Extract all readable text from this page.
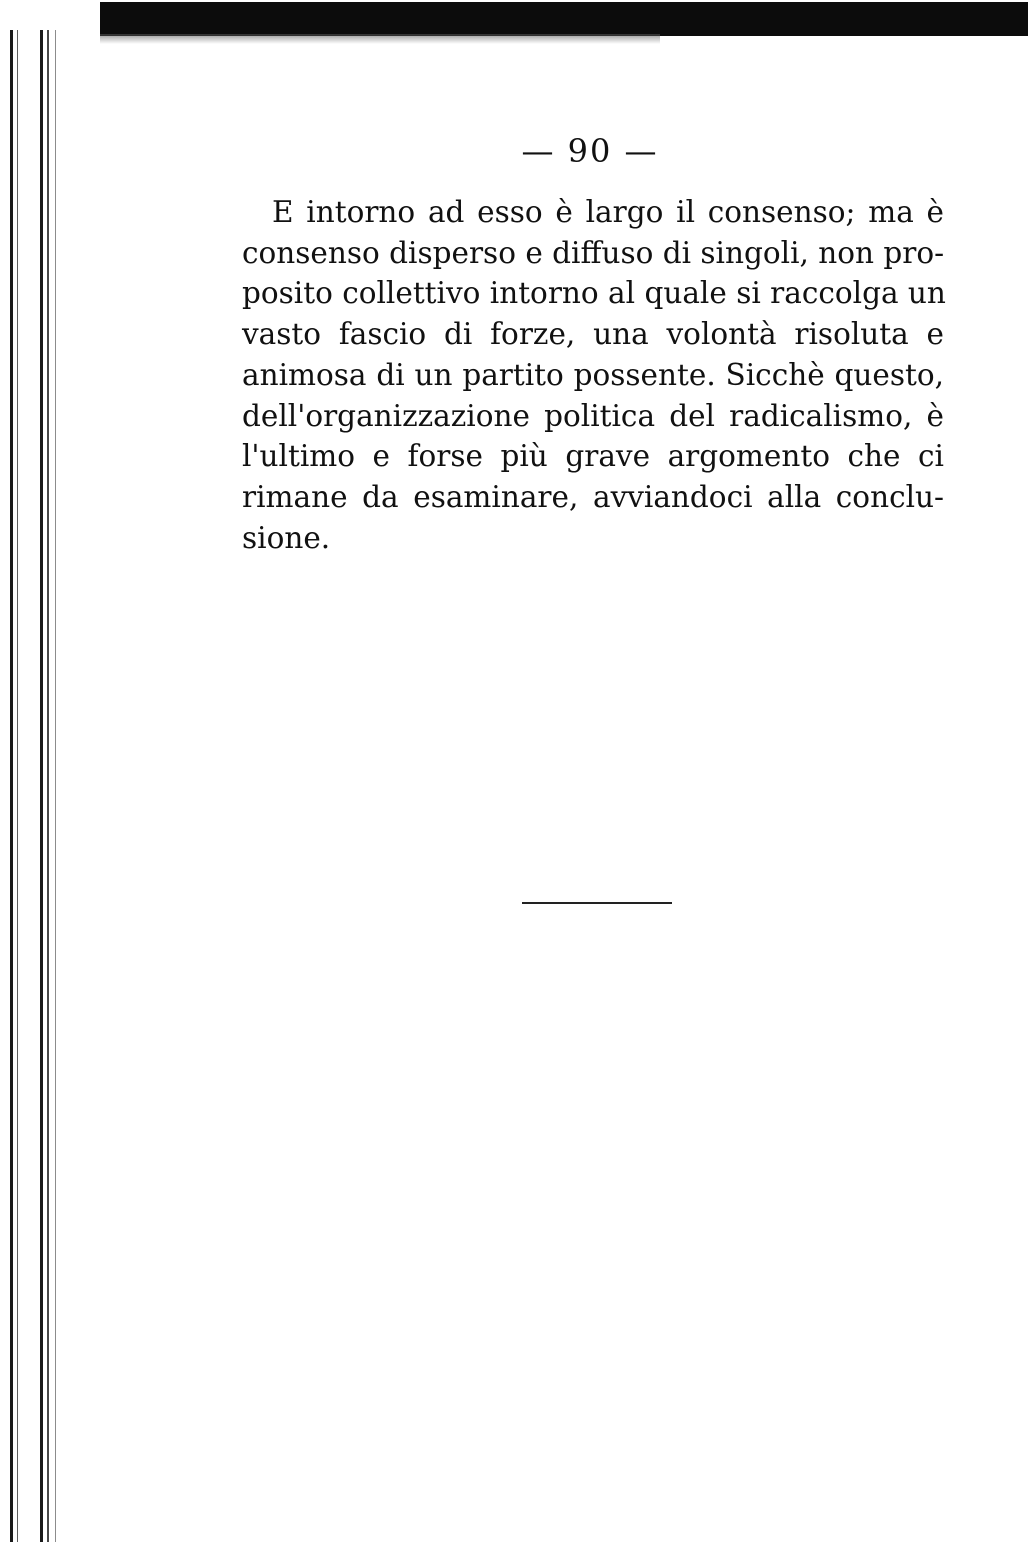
— 90 —
E intorno ad esso è largo il consenso; ma è
consenso disperso e diffuso di singoli, non pro-
posito collettivo intorno al quale si raccolga un
vasto fascio di forze, una volontà risoluta e
animosa di un partito possente. Sicchè questo,
dell'organizzazione politica del radicalismo, è
l'ultimo e forse più grave argomento che ci
rimane da esaminare, avviandoci alla conclu-
sione.
